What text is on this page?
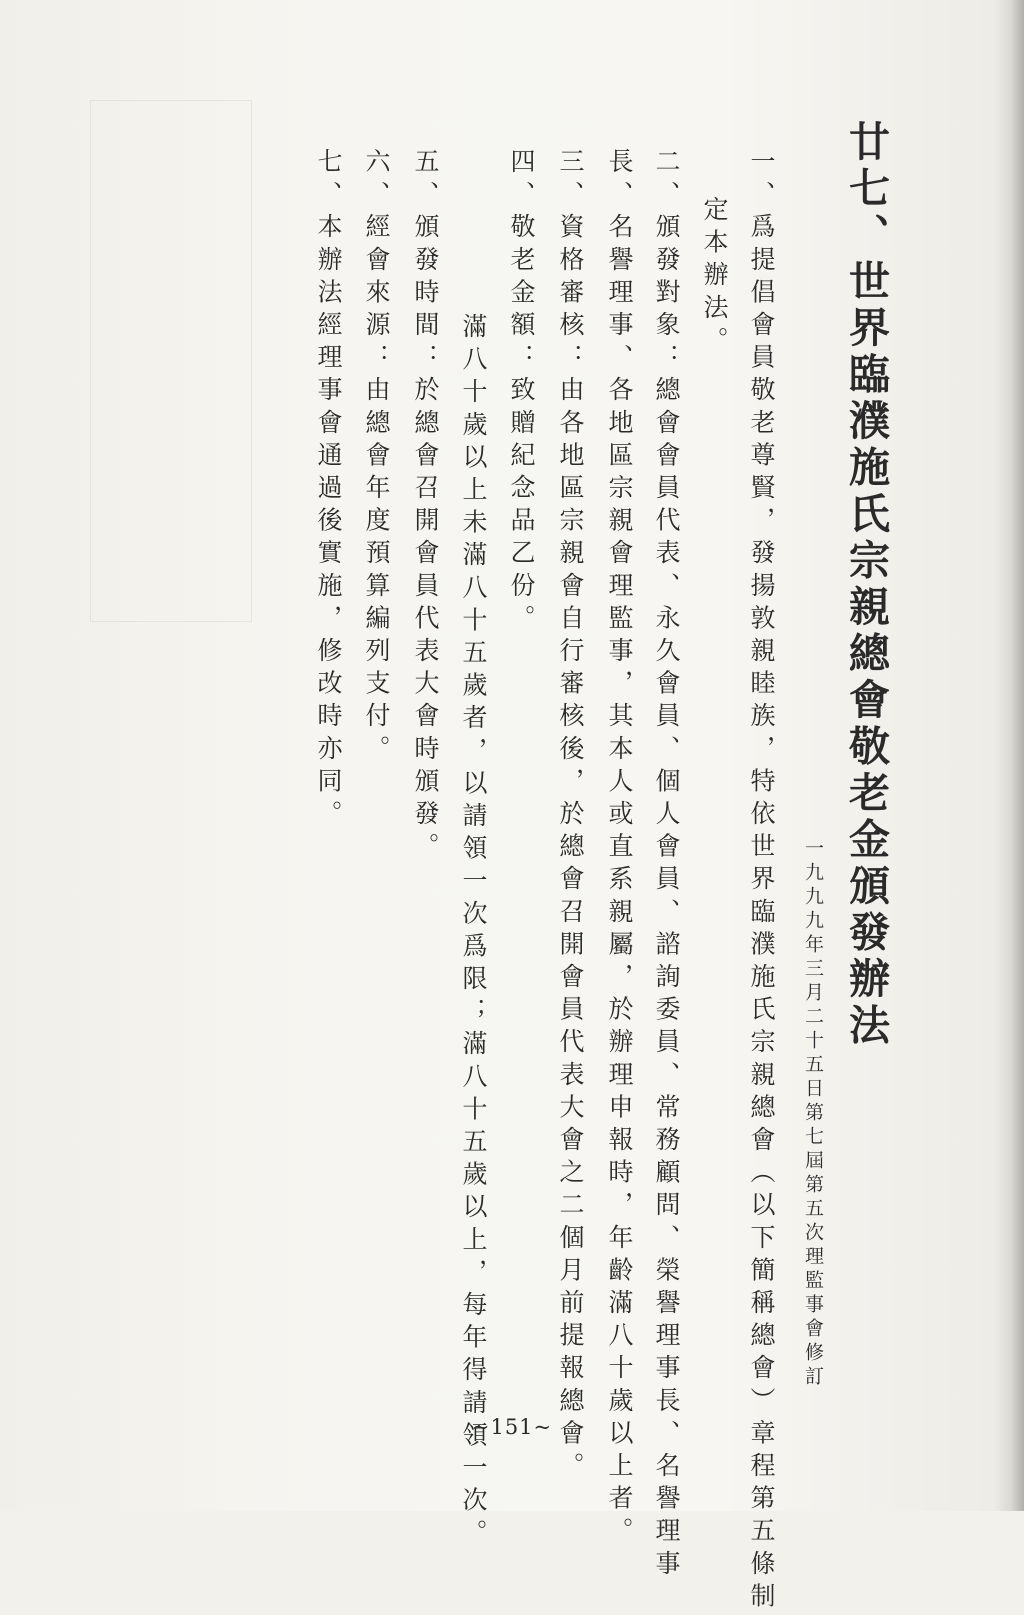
廿七、世界臨濮施氏宗親總會敬老金頒發辦法
一九九九年三月二十五日第七屆第五次理監事會修訂
一、爲提倡會員敬老尊賢，發揚敦親睦族，特依世界臨濮施氏宗親總會（以下簡稱總會）章程第五條制
定本辦法。
二、頒發對象：總會會員代表、永久會員、個人會員、諮詢委員、常務顧問、榮譽理事長、名譽理事
長、名譽理事、各地區宗親會理監事，其本人或直系親屬，於辦理申報時，年齡滿八十歲以上者。
三、資格審核：由各地區宗親會自行審核後，於總會召開會員代表大會之二個月前提報總會。
四、敬老金額：致贈紀念品乙份。
滿八十歲以上未滿八十五歲者，以請領一次爲限；滿八十五歲以上，每年得請領一次。
五、頒發時間：於總會召開會員代表大會時頒發。
六、經會來源：由總會年度預算編列支付。
七、本辦法經理事會通過後實施，修改時亦同。
~151~
